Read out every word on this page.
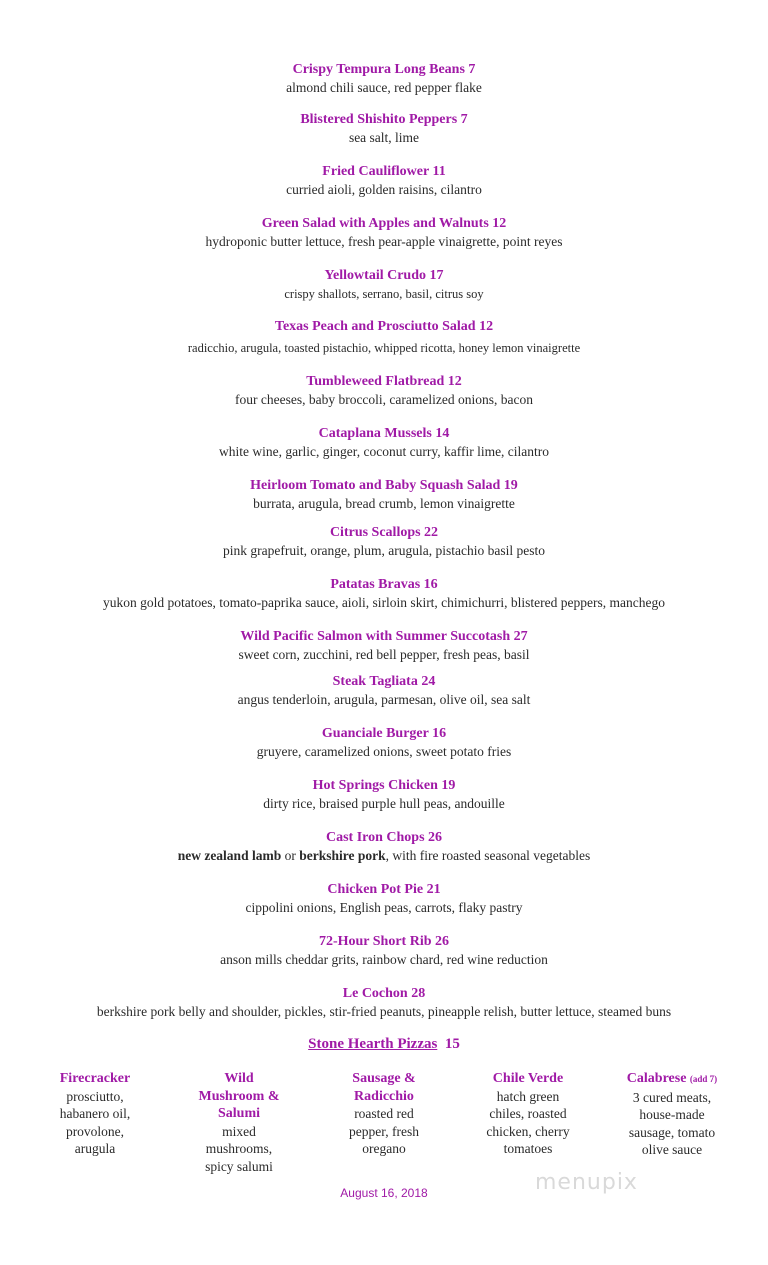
Crispy Tempura Long Beans 7
almond chili sauce, red pepper flake
Blistered Shishito Peppers 7
sea salt, lime
Fried Cauliflower 11
curried aioli, golden raisins, cilantro
Green Salad with Apples and Walnuts 12
hydroponic butter lettuce, fresh pear-apple vinaigrette, point reyes
Yellowtail Crudo 17
crispy shallots, serrano, basil, citrus soy
Texas Peach and Prosciutto Salad 12
radicchio, arugula, toasted pistachio, whipped ricotta, honey lemon vinaigrette
Tumbleweed Flatbread 12
four cheeses, baby broccoli, caramelized onions, bacon
Cataplana Mussels 14
white wine, garlic, ginger, coconut curry, kaffir lime, cilantro
Heirloom Tomato and Baby Squash Salad 19
burrata, arugula, bread crumb, lemon vinaigrette
Citrus Scallops 22
pink grapefruit, orange, plum, arugula, pistachio basil pesto
Patatas Bravas 16
yukon gold potatoes, tomato-paprika sauce, aioli, sirloin skirt, chimichurri, blistered peppers, manchego
Wild Pacific Salmon with Summer Succotash 27
sweet corn, zucchini, red bell pepper, fresh peas, basil
Steak Tagliata 24
angus tenderloin, arugula, parmesan, olive oil, sea salt
Guanciale Burger 16
gruyere, caramelized onions, sweet potato fries
Hot Springs Chicken 19
dirty rice, braised purple hull peas, andouille
Cast Iron Chops 26
new zealand lamb or berkshire pork, with fire roasted seasonal vegetables
Chicken Pot Pie 21
cippolini onions, English peas, carrots, flaky pastry
72-Hour Short Rib 26
anson mills cheddar grits, rainbow chard, red wine reduction
Le Cochon 28
berkshire pork belly and shoulder, pickles, stir-fried peanuts, pineapple relish, butter lettuce, steamed buns
Stone Hearth Pizzas 15
Firecracker
prosciutto,
habanero oil,
provolone,
arugula
Wild
Mushroom &
Salumi
mixed
mushrooms,
spicy salumi
Sausage &
Radicchio
roasted red
pepper, fresh
oregano
Chile Verde
hatch green
chiles, roasted
chicken, cherry
tomatoes
Calabrese (add 7)
3 cured meats,
house-made
sausage, tomato
olive sauce
August 16, 2018	menupix
